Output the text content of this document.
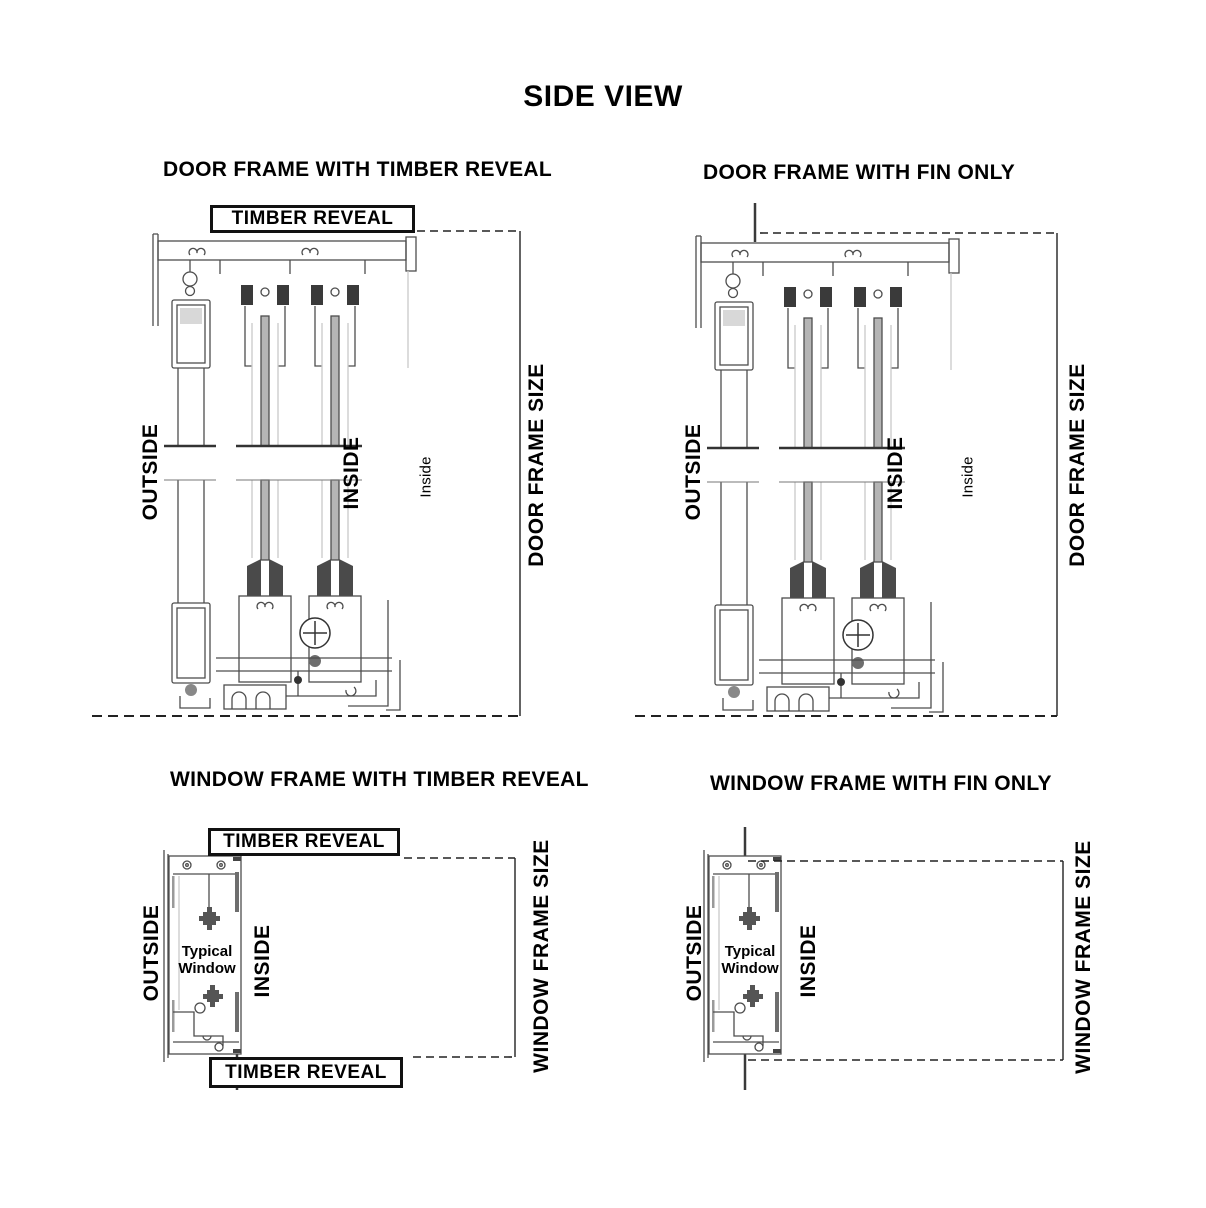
SIDE VIEW
DOOR FRAME WITH TIMBER REVEAL
TIMBER REVEAL
OUTSIDE	INSIDE	Inside	DOOR FRAME SIZE
DOOR FRAME WITH FIN ONLY
OUTSIDE	INSIDE	Inside	DOOR FRAME SIZE
WINDOW FRAME WITH TIMBER REVEAL
TIMBER REVEAL
TIMBER REVEAL
OUTSIDE	Typical Window INSIDE	WINDOW FRAME SIZE
WINDOW FRAME WITH FIN ONLY
OUTSIDE	Typical Window INSIDE	WINDOW FRAME SIZE
